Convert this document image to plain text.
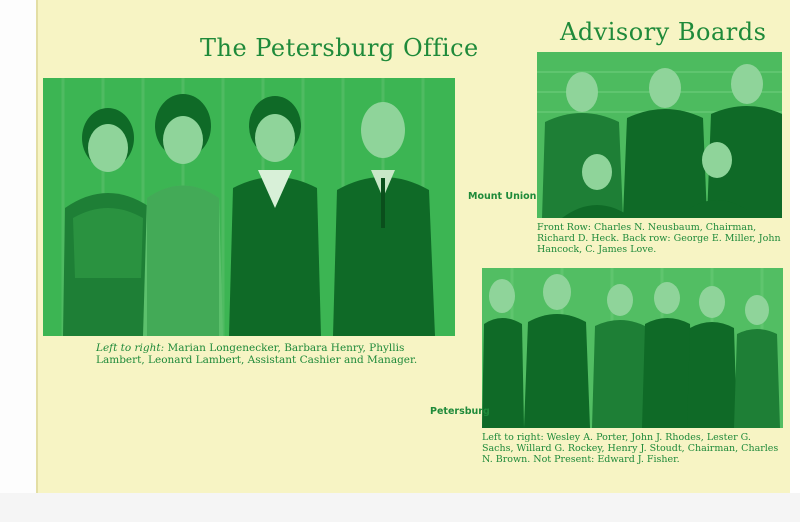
The Petersburg Office
Left to right: Marian Longenecker, Barbara Henry, Phyllis Lambert, Leonard Lambert, Assistant Cashier and Manager.
Advisory Boards
Mount Union
Front Row: Charles N. Neusbaum, Chairman, Richard D. Heck. Back row: George E. Miller, John Hancock, C. James Love.
Petersburg
Left to right: Wesley A. Porter, John J. Rhodes, Lester G. Sachs, Willard G. Rockey, Henry J. Stoudt, Chairman, Charles N. Brown. Not Present: Edward J. Fisher.
